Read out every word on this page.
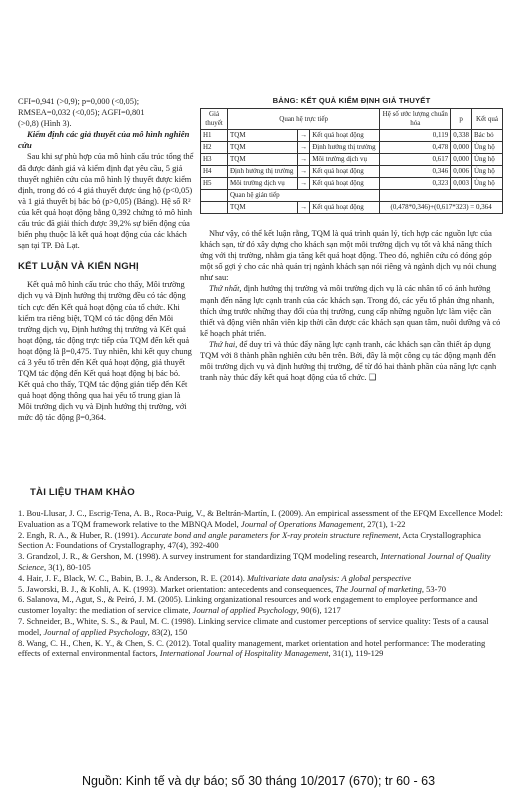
CFI=0,941 (>0,9); p=0,000 (<0,05);

RMSEA=0,032 (<0,05); AGFI=0,801

(>0,8) (Hình 3).

Kiểm định các giả thuyết của mô hình nghiên cứu

Sau khi sự phù hợp của mô hình cấu trúc tổng thể đã được đánh giá và kiểm định đạt yêu cầu, 5 giả thuyết nghiên cứu của mô hình lý thuyết được kiểm định, trong đó có 4 giả thuyết được ủng hộ (p<0,05) và 1 giả thuyết bị bác bỏ (p>0,05) (Bảng). Hệ số R² của kết quả hoạt động bằng 0,392 chứng tỏ mô hình cấu trúc đã giải thích được 39,2% sự biến động của biến phụ thuộc là kết quả hoạt động của các khách sạn tại TP. Đà Lạt.

KẾT LUẬN VÀ KIẾN NGHỊ

Kết quả mô hình cấu trúc cho thấy, Môi trường dịch vụ và Định hướng thị trường đều có tác động tích cực đến Kết quả hoạt động của tổ chức. Khi kiểm tra riêng biệt, TQM có tác động đến Môi trường dịch vụ, Định hướng thị trường và Kết quả hoạt động, tác động trực tiếp của TQM đến kết quả hoạt động là β=0,475. Tuy nhiên, khi kết quy chung cả 3 yếu tố trên đến Kết quả hoạt động, giả thuyết TQM tác động đến Kết quả hoạt động bị bác bỏ. Kết quả cho thấy, TQM tác động gián tiếp đến Kết quả hoạt động thông qua hai yếu tố trung gian là Môi trường dịch vụ và Định hướng thị trường, với mức độ tác động β=0,364.

BẢNG: KẾT QUẢ KIỂM ĐỊNH GIẢ THUYẾT
Giả thuyết	Quan hệ trực tiếp			Hệ số ước lượng chuẩn hóa	p	Kết quả
H1	TQM	→	Kết quả hoạt động	0,119	0,338	Bác bỏ
H2	TQM	→	Định hướng thị trường	0,478	0,000	Ủng hộ
H3	TQM	→	Môi trường dịch vụ	0,617	0,000	Ủng hộ
H4	Định hướng thị trường	→	Kết quả hoạt động	0,346	0,006	Ủng hộ
H5	Môi trường dịch vụ	→	Kết quả hoạt động	0,323	0,003	Ủng hộ
	Quan hệ gián tiếp					
	TQM	→	Kết quả hoạt động	(0,478*0,346)+(0,617*323) = 0,364		

Như vậy, có thể kết luận rằng, TQM là quá trình quản lý, tích hợp các nguồn lực của khách sạn, từ đó xây dựng cho khách sạn một môi trường dịch vụ tốt và khả năng thích ứng với thị trường, nhằm gia tăng kết quả hoạt động. Theo đó, nghiên cứu có đóng góp một số gợi ý cho các nhà quản trị ngành khách sạn nói riêng và ngành dịch vụ nói chung như sau:

Thứ nhất, định hướng thị trường và môi trường dịch vụ là các nhân tố có ảnh hưởng mạnh đến năng lực cạnh tranh của các khách sạn. Trong đó, các yếu tố phản ứng nhanh, thích ứng trước những thay đổi của thị trường, cung cấp những nguồn lực làm việc cần thiết và động viên nhân viên kịp thời cần được các khách sạn quan tâm, nuôi dưỡng và có kế hoạch phát triển.

Thứ hai, để duy trì và thúc đẩy năng lực cạnh tranh, các khách sạn cần thiết áp dụng TQM với 8 thành phần nghiên cứu bên trên. Bởi, đây là một công cụ tác động mạnh đến môi trường dịch vụ và định hướng thị trường, để từ đó hai thành phần của năng lực cạnh tranh này thúc đẩy kết quả hoạt động của tổ chức. ❑

TÀI LIỆU THAM KHẢO

1. Bou-Llusar, J. C., Escrig-Tena, A. B., Roca-Puig, V., & Beltrán-Martín, I. (2009). An empirical assessment of the EFQM Excellence Model: Evaluation as a TQM framework relative to the MBNQA Model, Journal of Operations Management, 27(1), 1-22

2. Engh, R. A., & Huber, R. (1991). Accurate bond and angle parameters for X-ray protein structure refinement, Acta Crystallographica Section A: Foundations of Crystallography, 47(4), 392-400

3. Grandzol, J. R., & Gershon, M. (1998). A survey instrument for standardizing TQM modeling research, International Journal of Quality Science, 3(1), 80-105

4. Hair, J. F., Black, W. C., Babin, B. J., & Anderson, R. E. (2014). Multivariate data analysis: A global perspective

5. Jaworski, B. J., & Kohli, A. K. (1993). Market orientation: antecedents and consequences, The Journal of marketing, 53-70

6. Salanova, M., Agut, S., & Peiró, J. M. (2005). Linking organizational resources and work engagement to employee performance and customer loyalty: the mediation of service climate, Journal of applied Psychology, 90(6), 1217

7. Schneider, B., White, S. S., & Paul, M. C. (1998). Linking service climate and customer perceptions of service quality: Tests of a causal model, Journal of applied Psychology, 83(2), 150

8. Wang, C. H., Chen, K. Y., & Chen, S. C. (2012). Total quality management, market orientation and hotel performance: The moderating effects of external environmental factors, International Journal of Hospitality Management, 31(1), 119-129

Nguồn: Kinh tế và dự báo; số 30 tháng 10/2017 (670); tr 60 - 63
